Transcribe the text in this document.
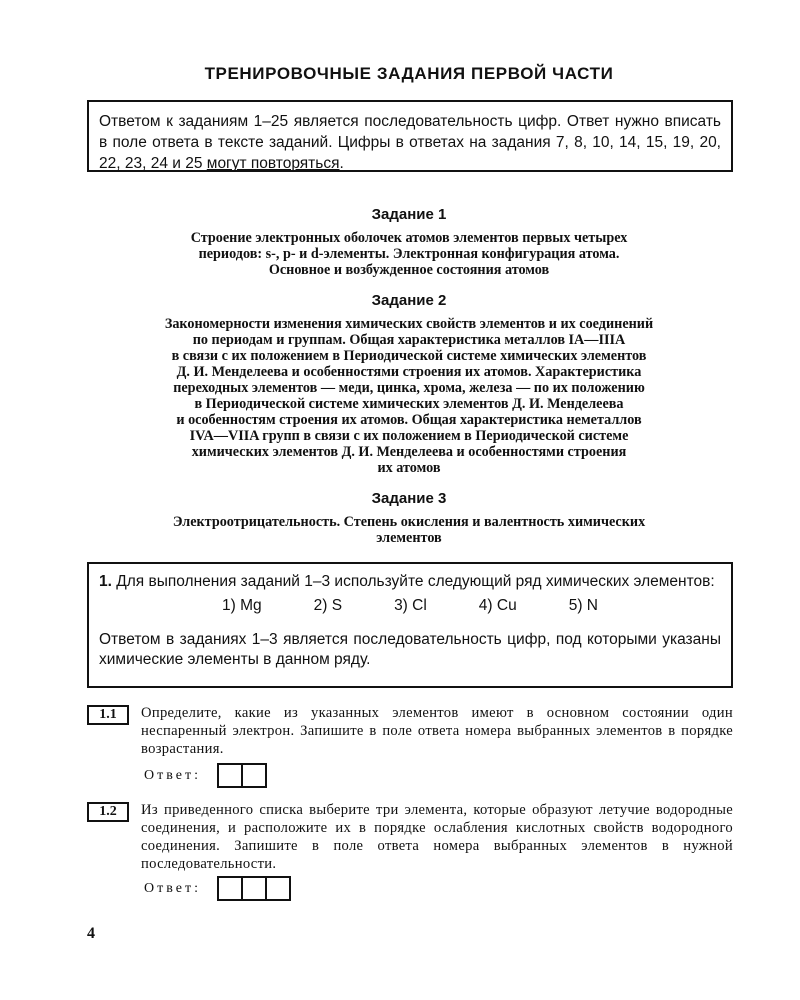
ТРЕНИРОВОЧНЫЕ ЗАДАНИЯ ПЕРВОЙ ЧАСТИ
Ответом к заданиям 1–25 является последовательность цифр. Ответ нужно вписать в поле ответа в тексте заданий. Цифры в ответах на задания 7, 8, 10, 14, 15, 19, 20, 22, 23, 24 и 25 могут повторяться.
Задание 1
Строение электронных оболочек атомов элементов первых четырех
периодов: s-, p- и d-элементы. Электронная конфигурация атома.
Основное и возбужденное состояния атомов
Задание 2
Закономерности изменения химических свойств элементов и их соединений
по периодам и группам. Общая характеристика металлов IA—IIIA
в связи с их положением в Периодической системе химических элементов
Д. И. Менделеева и особенностями строения их атомов. Характеристика
переходных элементов — меди, цинка, хрома, железа — по их положению
в Периодической системе химических элементов Д. И. Менделеева
и особенностям строения их атомов. Общая характеристика неметаллов
IVA—VIIA групп в связи с их положением в Периодической системе
химических элементов Д. И. Менделеева и особенностями строения
их атомов
Задание 3
Электроотрицательность. Степень окисления и валентность химических
элементов
1. Для выполнения заданий 1–3 используйте следующий ряд химических элементов:
1) Mg	2) S	3) Cl	4) Cu	5) N
Ответом в заданиях 1–3 является последовательность цифр, под которыми указаны химические элементы в данном ряду.
1.1	Определите, какие из указанных элементов имеют в основном состоянии один неспаренный электрон. Запишите в поле ответа номера выбранных элементов в порядке возрастания.
Ответ:
1.2	Из приведенного списка выберите три элемента, которые образуют летучие водородные соединения, и расположите их в порядке ослабления кислотных свойств водородного соединения. Запишите в поле ответа номера выбранных элементов в нужной последовательности.
Ответ:
4
